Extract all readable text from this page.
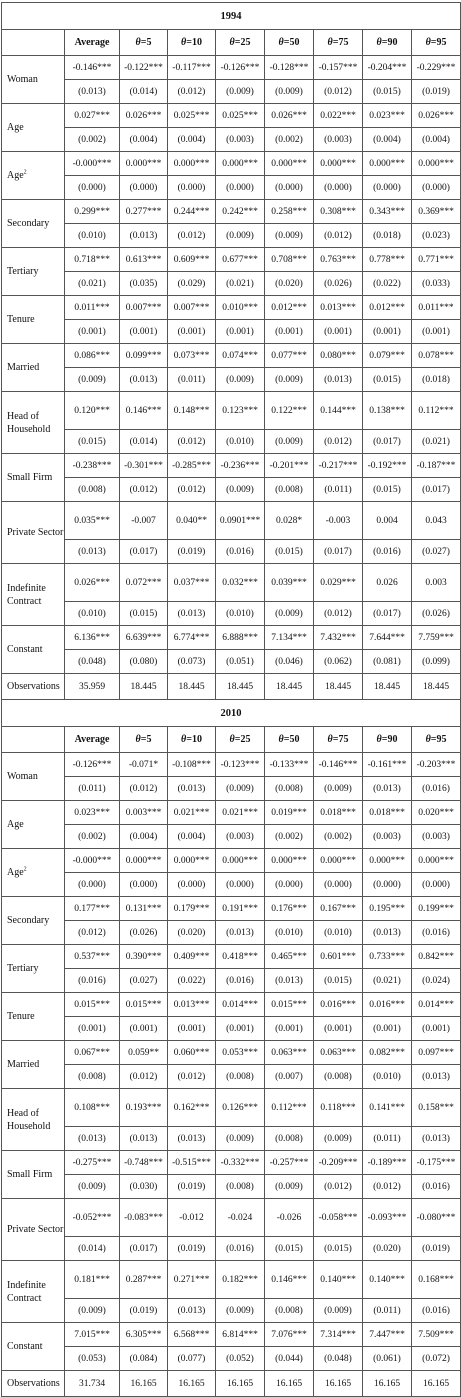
1994								
	Average	θ=5	θ=10	θ=25	θ=50	θ=75	θ=90	θ=95
Woman	-0.146***	-0.122***	-0.117***	-0.126***	-0.128***	-0.157***	-0.204***	-0.229***
	(0.013)	(0.014)	(0.012)	(0.009)	(0.009)	(0.012)	(0.015)	(0.019)
Age	0.027***	0.026***	0.025***	0.025***	0.026***	0.022***	0.023***	0.026***
	(0.002)	(0.004)	(0.004)	(0.003)	(0.002)	(0.003)	(0.004)	(0.004)
Age$^2$	-0.000***	0.000***	0.000***	0.000***	0.000***	0.000***	0.000***	0.000***
	(0.000)	(0.000)	(0.000)	(0.000)	(0.000)	(0.000)	(0.000)	(0.000)
Secondary	0.299***	0.277***	0.244***	0.242***	0.258***	0.308***	0.343***	0.369***
	(0.010)	(0.013)	(0.012)	(0.009)	(0.009)	(0.012)	(0.018)	(0.023)
Tertiary	0.718***	0.613***	0.609***	0.677***	0.708***	0.763***	0.778***	0.771***
	(0.021)	(0.035)	(0.029)	(0.021)	(0.020)	(0.026)	(0.022)	(0.033)
Tenure	0.011***	0.007***	0.007***	0.010***	0.012***	0.013***	0.012***	0.011***
	(0.001)	(0.001)	(0.001)	(0.001)	(0.001)	(0.001)	(0.001)	(0.001)
Married	0.086***	0.099***	0.073***	0.074***	0.077***	0.080***	0.079***	0.078***
	(0.009)	(0.013)	(0.011)	(0.009)	(0.009)	(0.013)	(0.015)	(0.018)
Head of Household	0.120***	0.146***	0.148***	0.123***	0.122***	0.144***	0.138***	0.112***
	(0.015)	(0.014)	(0.012)	(0.010)	(0.009)	(0.012)	(0.017)	(0.021)
Small Firm	-0.238***	-0.301***	-0.285***	-0.236***	-0.201***	-0.217***	-0.192***	-0.187***
	(0.008)	(0.012)	(0.012)	(0.009)	(0.008)	(0.011)	(0.015)	(0.017)
Private Sector	0.035***	-0.007	0.040**	0.0901***	0.028*	-0.003	0.004	0.043
	(0.013)	(0.017)	(0.019)	(0.016)	(0.015)	(0.017)	(0.016)	(0.027)
Indefinite Contract	0.026***	0.072***	0.037***	0.032***	0.039***	0.029***	0.026	0.003
	(0.010)	(0.015)	(0.013)	(0.010)	(0.009)	(0.012)	(0.017)	(0.026)
Constant	6.136***	6.639***	6.774***	6.888***	7.134***	7.432***	7.644***	7.759***
	(0.048)	(0.080)	(0.073)	(0.051)	(0.046)	(0.062)	(0.081)	(0.099)
Observations	35.959	18.445	18.445	18.445	18.445	18.445	18.445	18.445
2010								
	Average	θ=5	θ=10	θ=25	θ=50	θ=75	θ=90	θ=95
Woman	-0.126***	-0.071*	-0.108***	-0.123***	-0.133***	-0.146***	-0.161***	-0.203***
	(0.011)	(0.012)	(0.013)	(0.009)	(0.008)	(0.009)	(0.013)	(0.016)
Age	0.023***	0.003***	0.021***	0.021***	0.019***	0.018***	0.018***	0.020***
	(0.002)	(0.004)	(0.004)	(0.003)	(0.002)	(0.002)	(0.003)	(0.003)
Age$^2$	-0.000***	0.000***	0.000***	0.000***	0.000***	0.000***	0.000***	0.000***
	(0.000)	(0.000)	(0.000)	(0.000)	(0.000)	(0.000)	(0.000)	(0.000)
Secondary	0.177***	0.131***	0.179***	0.191***	0.176***	0.167***	0.195***	0.199***
	(0.012)	(0.026)	(0.020)	(0.013)	(0.010)	(0.010)	(0.013)	(0.016)
Tertiary	0.537***	0.390***	0.409***	0.418***	0.465***	0.601***	0.733***	0.842***
	(0.016)	(0.027)	(0.022)	(0.016)	(0.013)	(0.015)	(0.021)	(0.024)
Tenure	0.015***	0.015***	0.013***	0.014***	0.015***	0.016***	0.016***	0.014***
	(0.001)	(0.001)	(0.001)	(0.001)	(0.001)	(0.001)	(0.001)	(0.001)
Married	0.067***	0.059**	0.060***	0.053***	0.063***	0.063***	0.082***	0.097***
	(0.008)	(0.012)	(0.012)	(0.008)	(0.007)	(0.008)	(0.010)	(0.013)
Head of Household	0.108***	0.193***	0.162***	0.126***	0.112***	0.118***	0.141***	0.158***
	(0.013)	(0.013)	(0.013)	(0.009)	(0.008)	(0.009)	(0.011)	(0.013)
Small Firm	-0.275***	-0.748***	-0.515***	-0.332***	-0.257***	-0.209***	-0.189***	-0.175***
	(0.009)	(0.030)	(0.019)	(0.008)	(0.009)	(0.012)	(0.012)	(0.016)
Private Sector	-0.052***	-0.083***	-0.012	-0.024	-0.026	-0.058***	-0.093***	-0.080***
	(0.014)	(0.017)	(0.019)	(0.016)	(0.015)	(0.015)	(0.020)	(0.019)
Indefinite Contract	0.181***	0.287***	0.271***	0.182***	0.146***	0.140***	0.140***	0.168***
	(0.009)	(0.019)	(0.013)	(0.009)	(0.008)	(0.009)	(0.011)	(0.016)
Constant	7.015***	6.305***	6.568***	6.814***	7.076***	7.314***	7.447***	7.509***
	(0.053)	(0.084)	(0.077)	(0.052)	(0.044)	(0.048)	(0.061)	(0.072)
Observations	31.734	16.165	16.165	16.165	16.165	16.165	16.165	16.165
